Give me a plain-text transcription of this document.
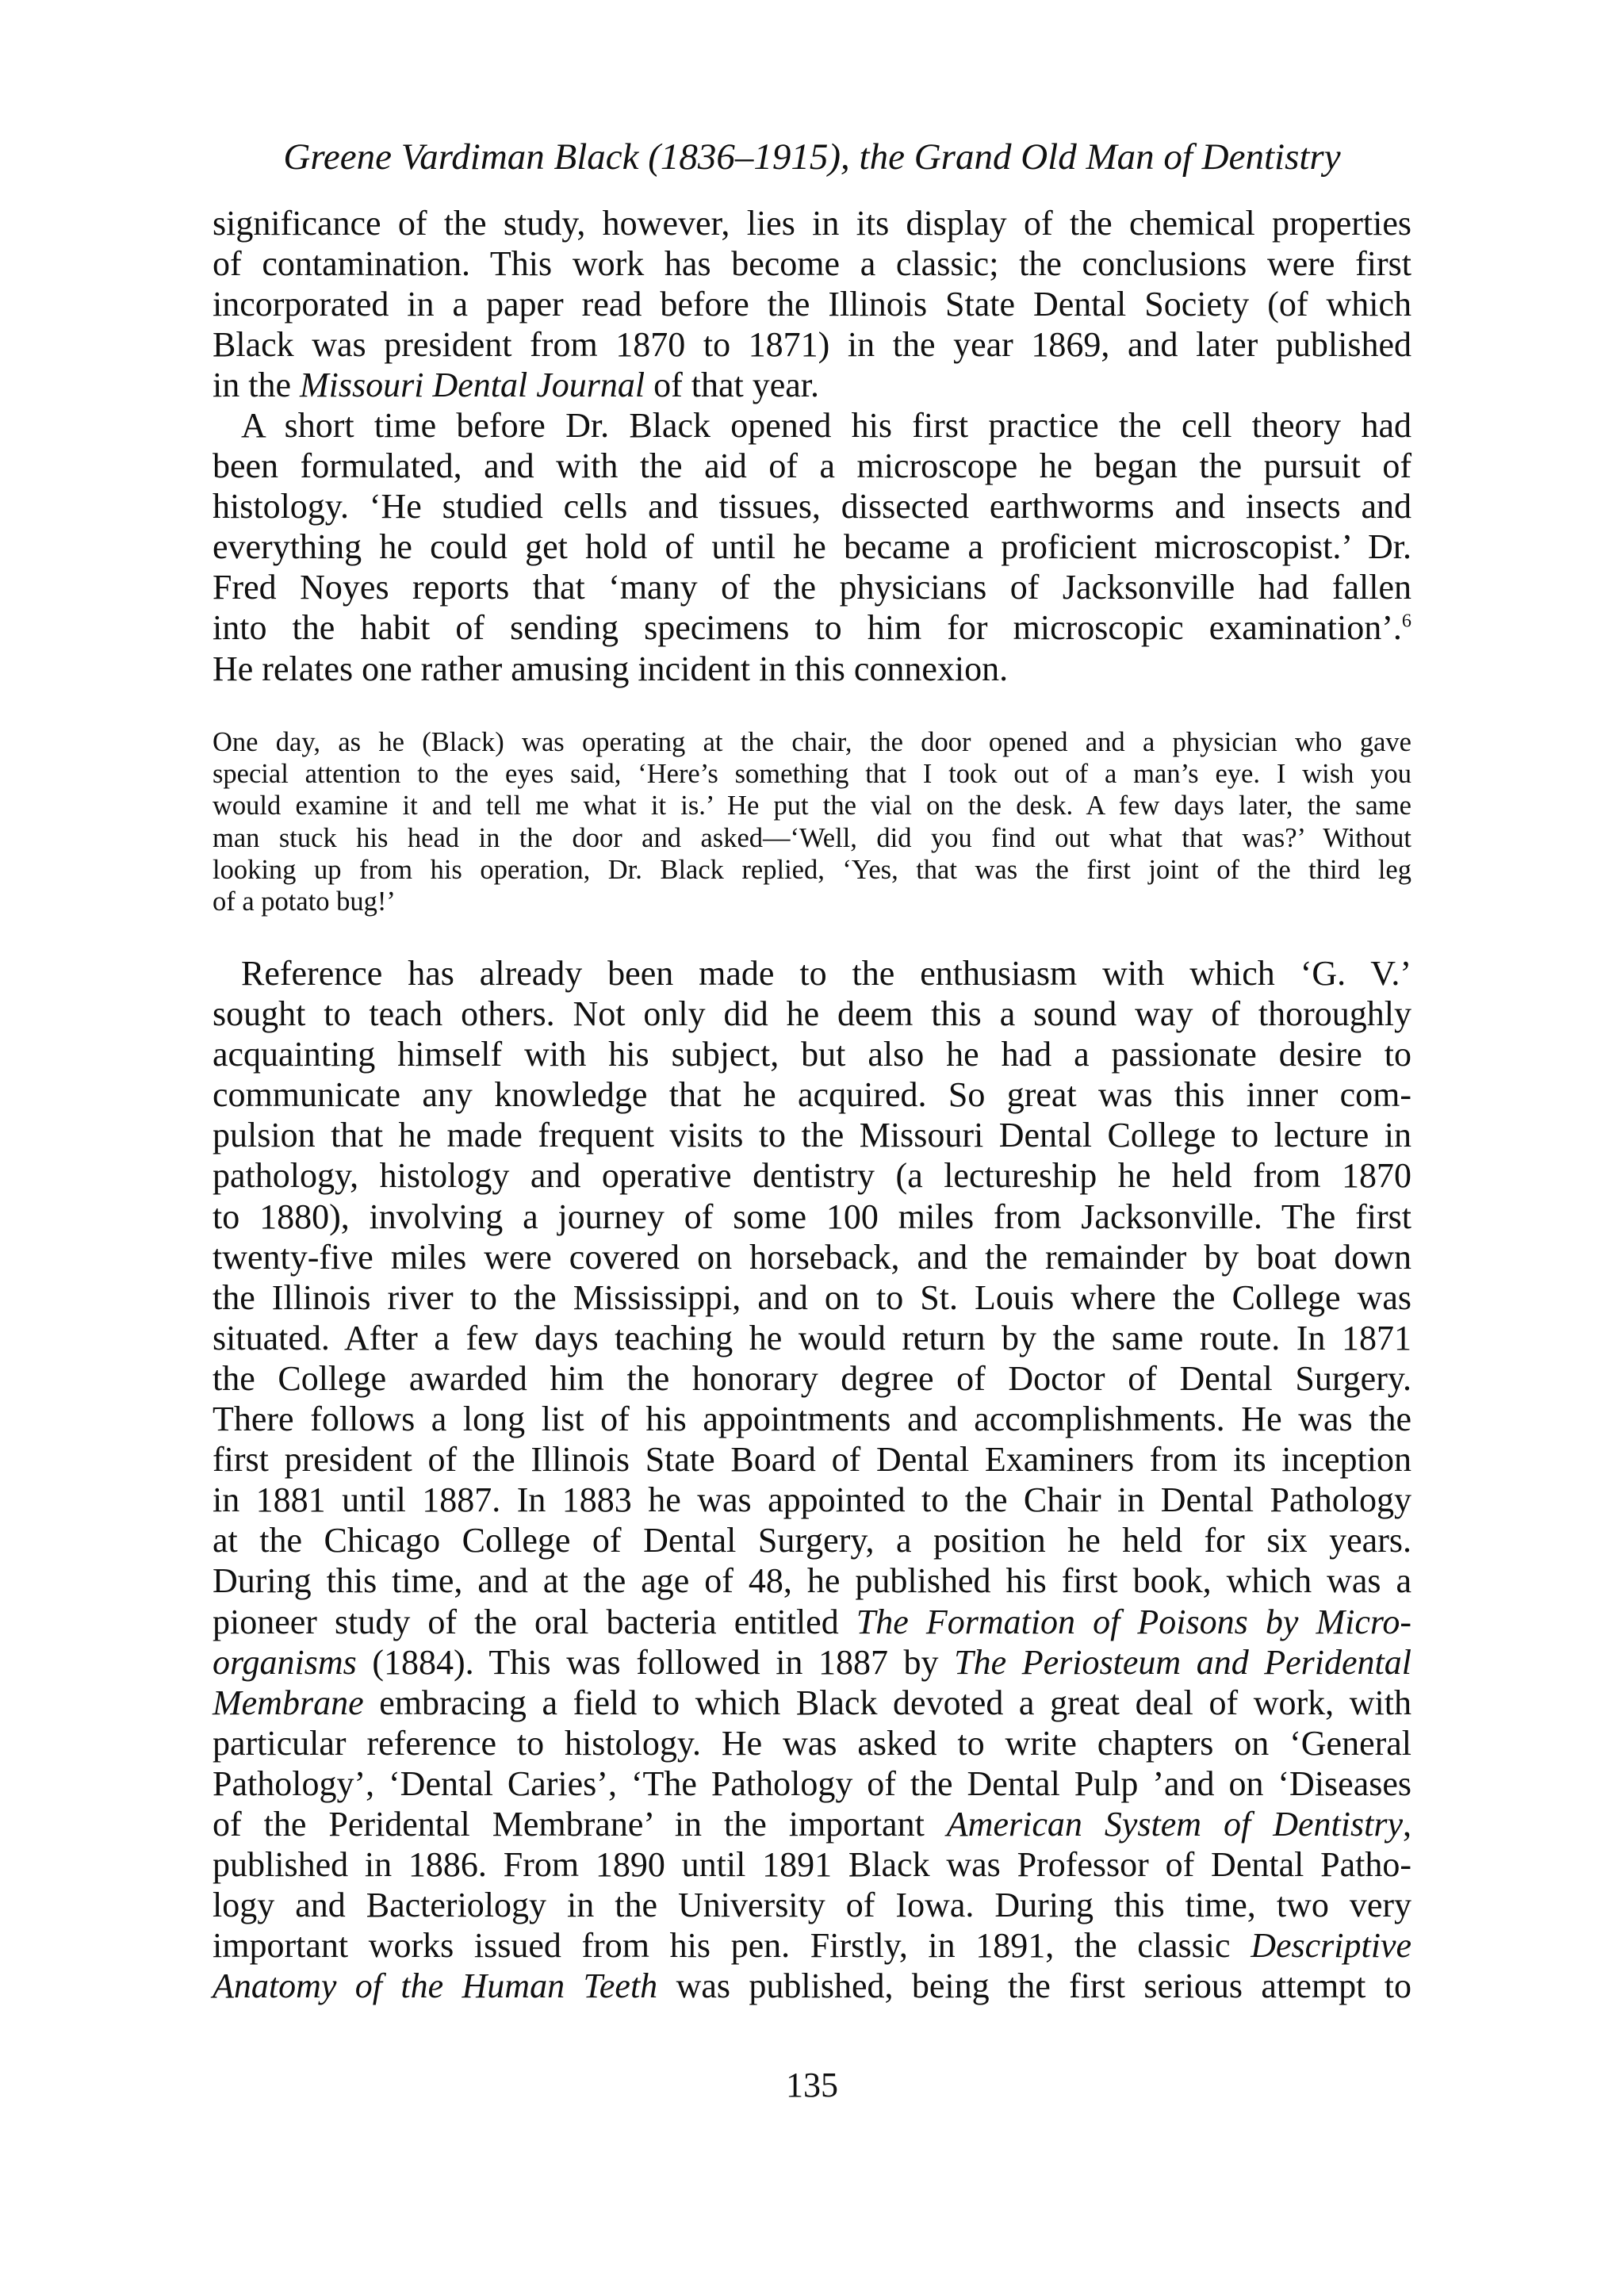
Greene Vardiman Black (1836–1915), the Grand Old Man of Dentistry
significance of the study, however, lies in its display of the chemical properties
of contamination. This work has become a classic; the conclusions were first
incorporated in a paper read before the Illinois State Dental Society (of which
Black was president from 1870 to 1871) in the year 1869, and later published
in the Missouri Dental Journal of that year.
A short time before Dr. Black opened his first practice the cell theory had
been formulated, and with the aid of a microscope he began the pursuit of
histology. ‘He studied cells and tissues, dissected earthworms and insects and
everything he could get hold of until he became a proficient microscopist.’ Dr.
Fred Noyes reports that ‘many of the physicians of Jacksonville had fallen
into the habit of sending specimens to him for microscopic examination’.$^6$
He relates one rather amusing incident in this connexion.
One day, as he (Black) was operating at the chair, the door opened and a physician who gave
special attention to the eyes said, ‘Here’s something that I took out of a man’s eye. I wish you
would examine it and tell me what it is.’ He put the vial on the desk. A few days later, the same
man stuck his head in the door and asked—‘Well, did you find out what that was?’ Without
looking up from his operation, Dr. Black replied, ‘Yes, that was the first joint of the third leg
of a potato bug!’
Reference has already been made to the enthusiasm with which ‘G. V.’
sought to teach others. Not only did he deem this a sound way of thoroughly
acquainting himself with his subject, but also he had a passionate desire to
communicate any knowledge that he acquired. So great was this inner com-
pulsion that he made frequent visits to the Missouri Dental College to lecture in
pathology, histology and operative dentistry (a lectureship he held from 1870
to 1880), involving a journey of some 100 miles from Jacksonville. The first
twenty-five miles were covered on horseback, and the remainder by boat down
the Illinois river to the Mississippi, and on to St. Louis where the College was
situated. After a few days teaching he would return by the same route. In 1871
the College awarded him the honorary degree of Doctor of Dental Surgery.
There follows a long list of his appointments and accomplishments. He was the
first president of the Illinois State Board of Dental Examiners from its inception
in 1881 until 1887. In 1883 he was appointed to the Chair in Dental Pathology
at the Chicago College of Dental Surgery, a position he held for six years.
During this time, and at the age of 48, he published his first book, which was a
pioneer study of the oral bacteria entitled The Formation of Poisons by Micro-
organisms (1884). This was followed in 1887 by The Periosteum and Peridental
Membrane embracing a field to which Black devoted a great deal of work, with
particular reference to histology. He was asked to write chapters on ‘General
Pathology’, ‘Dental Caries’, ‘The Pathology of the Dental Pulp ’and on ‘Diseases
of the Peridental Membrane’ in the important American System of Dentistry,
published in 1886. From 1890 until 1891 Black was Professor of Dental Patho-
logy and Bacteriology in the University of Iowa. During this time, two very
important works issued from his pen. Firstly, in 1891, the classic Descriptive
Anatomy of the Human Teeth was published, being the first serious attempt to
135
